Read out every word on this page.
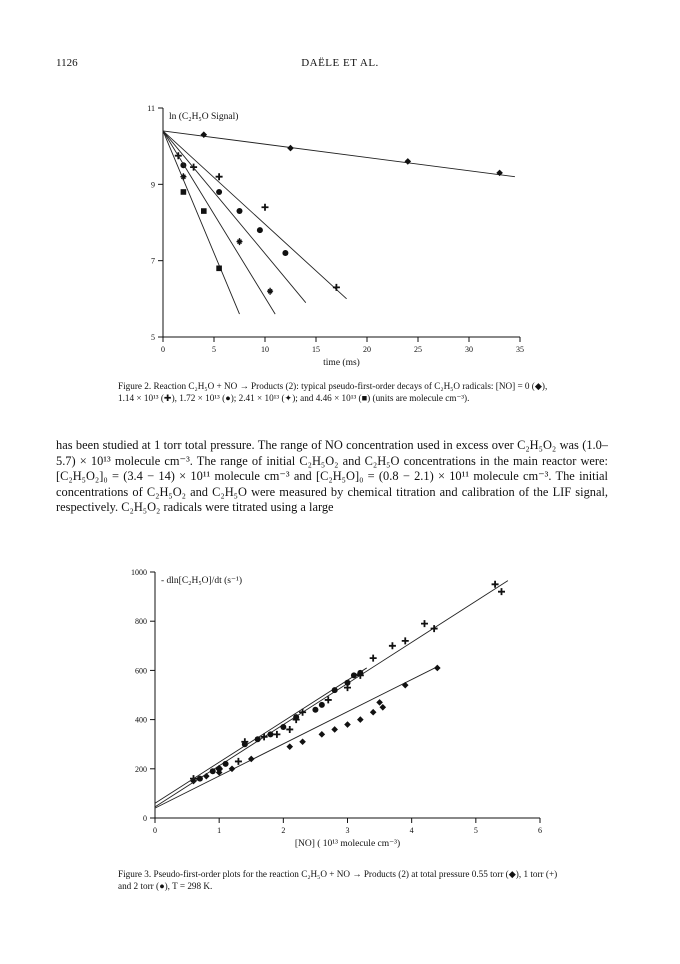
1126	DAËLE ET AL.
0	5	10	15	20	25	30	35
5
7
9
11
ln (C₂H₅O Signal)
time (ms)
Figure 2. Reaction C₂H₅O + NO → Products (2): typical pseudo-first-order decays of C₂H₅O radicals: [NO] = 0 (◆), 1.14 × 10¹³ (✚), 1.72 × 10¹³ (●); 2.41 × 10¹³ (✦); and 4.46 × 10¹³ (■) (units are molecule cm⁻³).

has been studied at 1 torr total pressure. The range of NO concentration used in excess over C₂H₅O₂ was (1.0–5.7) × 10¹³ molecule cm⁻³. The range of initial C₂H₅O₂ and C₂H₅O concentrations in the main reactor were: [C₂H₅O₂]₀ = (3.4 − 14) × 10¹¹ molecule cm⁻³ and [C₂H₅O]₀ = (0.8 − 2.1) × 10¹¹ molecule cm⁻³. The initial concentrations of C₂H₅O₂ and C₂H₅O were measured by chemical titration and calibration of the LIF signal, respectively. C₂H₅O₂ radicals were titrated using a large

0	1	2	3	4	5	6
0
200
400
600
800
1000
- dln[C₂H₅O]/dt (s⁻¹)
[NO] ( 10¹³ molecule cm⁻³)
Figure 3. Pseudo-first-order plots for the reaction C₂H₅O + NO → Products (2) at total pressure 0.55 torr (◆), 1 torr (+) and 2 torr (●), T = 298 K.
